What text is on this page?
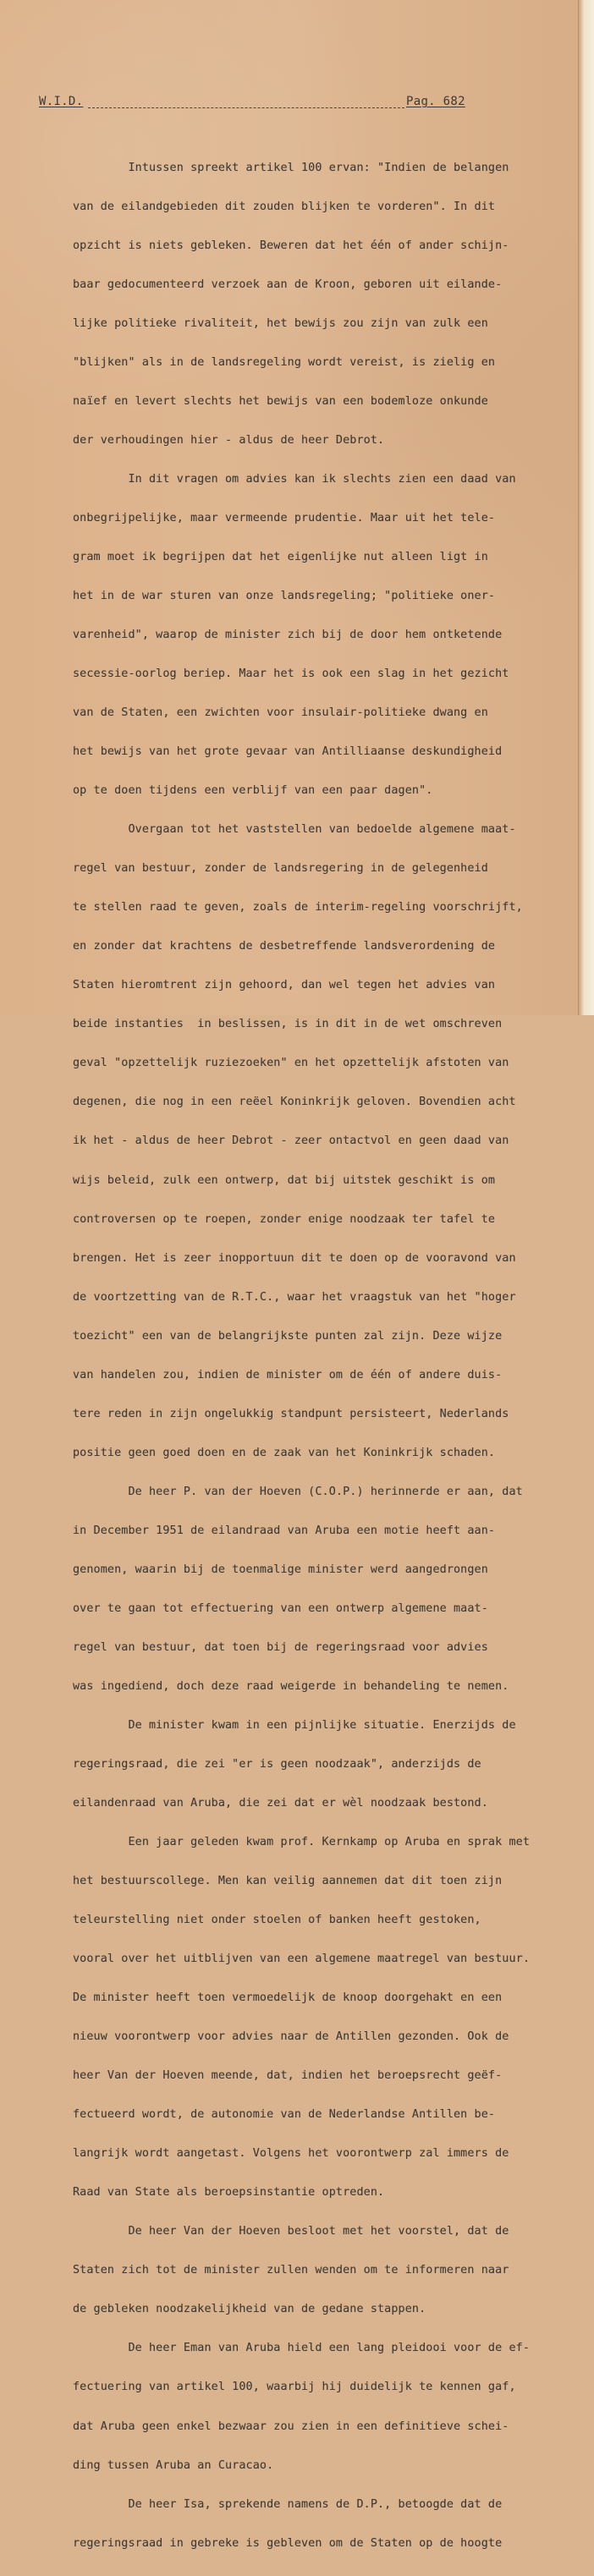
W.I.D.	Pag. 682

Intussen spreekt artikel 100 ervan: "Indien de belangen

van de eilandgebieden dit zouden blijken te vorderen". In dit

opzicht is niets gebleken. Beweren dat het één of ander schijn-

baar gedocumenteerd verzoek aan de Kroon, geboren uit eilande-

lijke politieke rivaliteit, het bewijs zou zijn van zulk een

"blijken" als in de landsregeling wordt vereist, is zielig en

naïef en levert slechts het bewijs van een bodemloze onkunde

der verhoudingen hier - aldus de heer Debrot.

In dit vragen om advies kan ik slechts zien een daad van

onbegrijpelijke, maar vermeende prudentie. Maar uit het tele-

gram moet ik begrijpen dat het eigenlijke nut alleen ligt in

het in de war sturen van onze landsregeling; "politieke oner-

varenheid", waarop de minister zich bij de door hem ontketende

secessie-oorlog beriep. Maar het is ook een slag in het gezicht

van de Staten, een zwichten voor insulair-politieke dwang en

het bewijs van het grote gevaar van Antilliaanse deskundigheid

op te doen tijdens een verblijf van een paar dagen".

Overgaan tot het vaststellen van bedoelde algemene maat-

regel van bestuur, zonder de landsregering in de gelegenheid

te stellen raad te geven, zoals de interim-regeling voorschrijft,

en zonder dat krachtens de desbetreffende landsverordening de

Staten hieromtrent zijn gehoord, dan wel tegen het advies van

beide instanties  in beslissen, is in dit in de wet omschreven

geval "opzettelijk ruziezoeken" en het opzettelijk afstoten van

degenen, die nog in een reëel Koninkrijk geloven. Bovendien acht

ik het - aldus de heer Debrot - zeer ontactvol en geen daad van

wijs beleid, zulk een ontwerp, dat bij uitstek geschikt is om

controversen op te roepen, zonder enige noodzaak ter tafel te

brengen. Het is zeer inopportuun dit te doen op de vooravond van

de voortzetting van de R.T.C., waar het vraagstuk van het "hoger

toezicht" een van de belangrijkste punten zal zijn. Deze wijze

van handelen zou, indien de minister om de één of andere duis-

tere reden in zijn ongelukkig standpunt persisteert, Nederlands

positie geen goed doen en de zaak van het Koninkrijk schaden.

De heer P. van der Hoeven (C.O.P.) herinnerde er aan, dat

in December 1951 de eilandraad van Aruba een motie heeft aan-

genomen, waarin bij de toenmalige minister werd aangedrongen

over te gaan tot effectuering van een ontwerp algemene maat-

regel van bestuur, dat toen bij de regeringsraad voor advies

was ingediend, doch deze raad weigerde in behandeling te nemen.

De minister kwam in een pijnlijke situatie. Enerzijds de

regeringsraad, die zei "er is geen noodzaak", anderzijds de

eilandenraad van Aruba, die zei dat er wèl noodzaak bestond.

Een jaar geleden kwam prof. Kernkamp op Aruba en sprak met

het bestuurscollege. Men kan veilig aannemen dat dit toen zijn

teleurstelling niet onder stoelen of banken heeft gestoken,

vooral over het uitblijven van een algemene maatregel van bestuur.

De minister heeft toen vermoedelijk de knoop doorgehakt en een

nieuw voorontwerp voor advies naar de Antillen gezonden. Ook de

heer Van der Hoeven meende, dat, indien het beroepsrecht geëf-

fectueerd wordt, de autonomie van de Nederlandse Antillen be-

langrijk wordt aangetast. Volgens het voorontwerp zal immers de

Raad van State als beroepsinstantie optreden.

De heer Van der Hoeven besloot met het voorstel, dat de

Staten zich tot de minister zullen wenden om te informeren naar

de gebleken noodzakelijkheid van de gedane stappen.

De heer Eman van Aruba hield een lang pleidooi voor de ef-

fectuering van artikel 100, waarbij hij duidelijk te kennen gaf,

dat Aruba geen enkel bezwaar zou zien in een definitieve schei-

ding tussen Aruba an Curacao.

De heer Isa, sprekende namens de D.P., betoogde dat de

regeringsraad in gebreke is gebleven om de Staten op de hoogte
